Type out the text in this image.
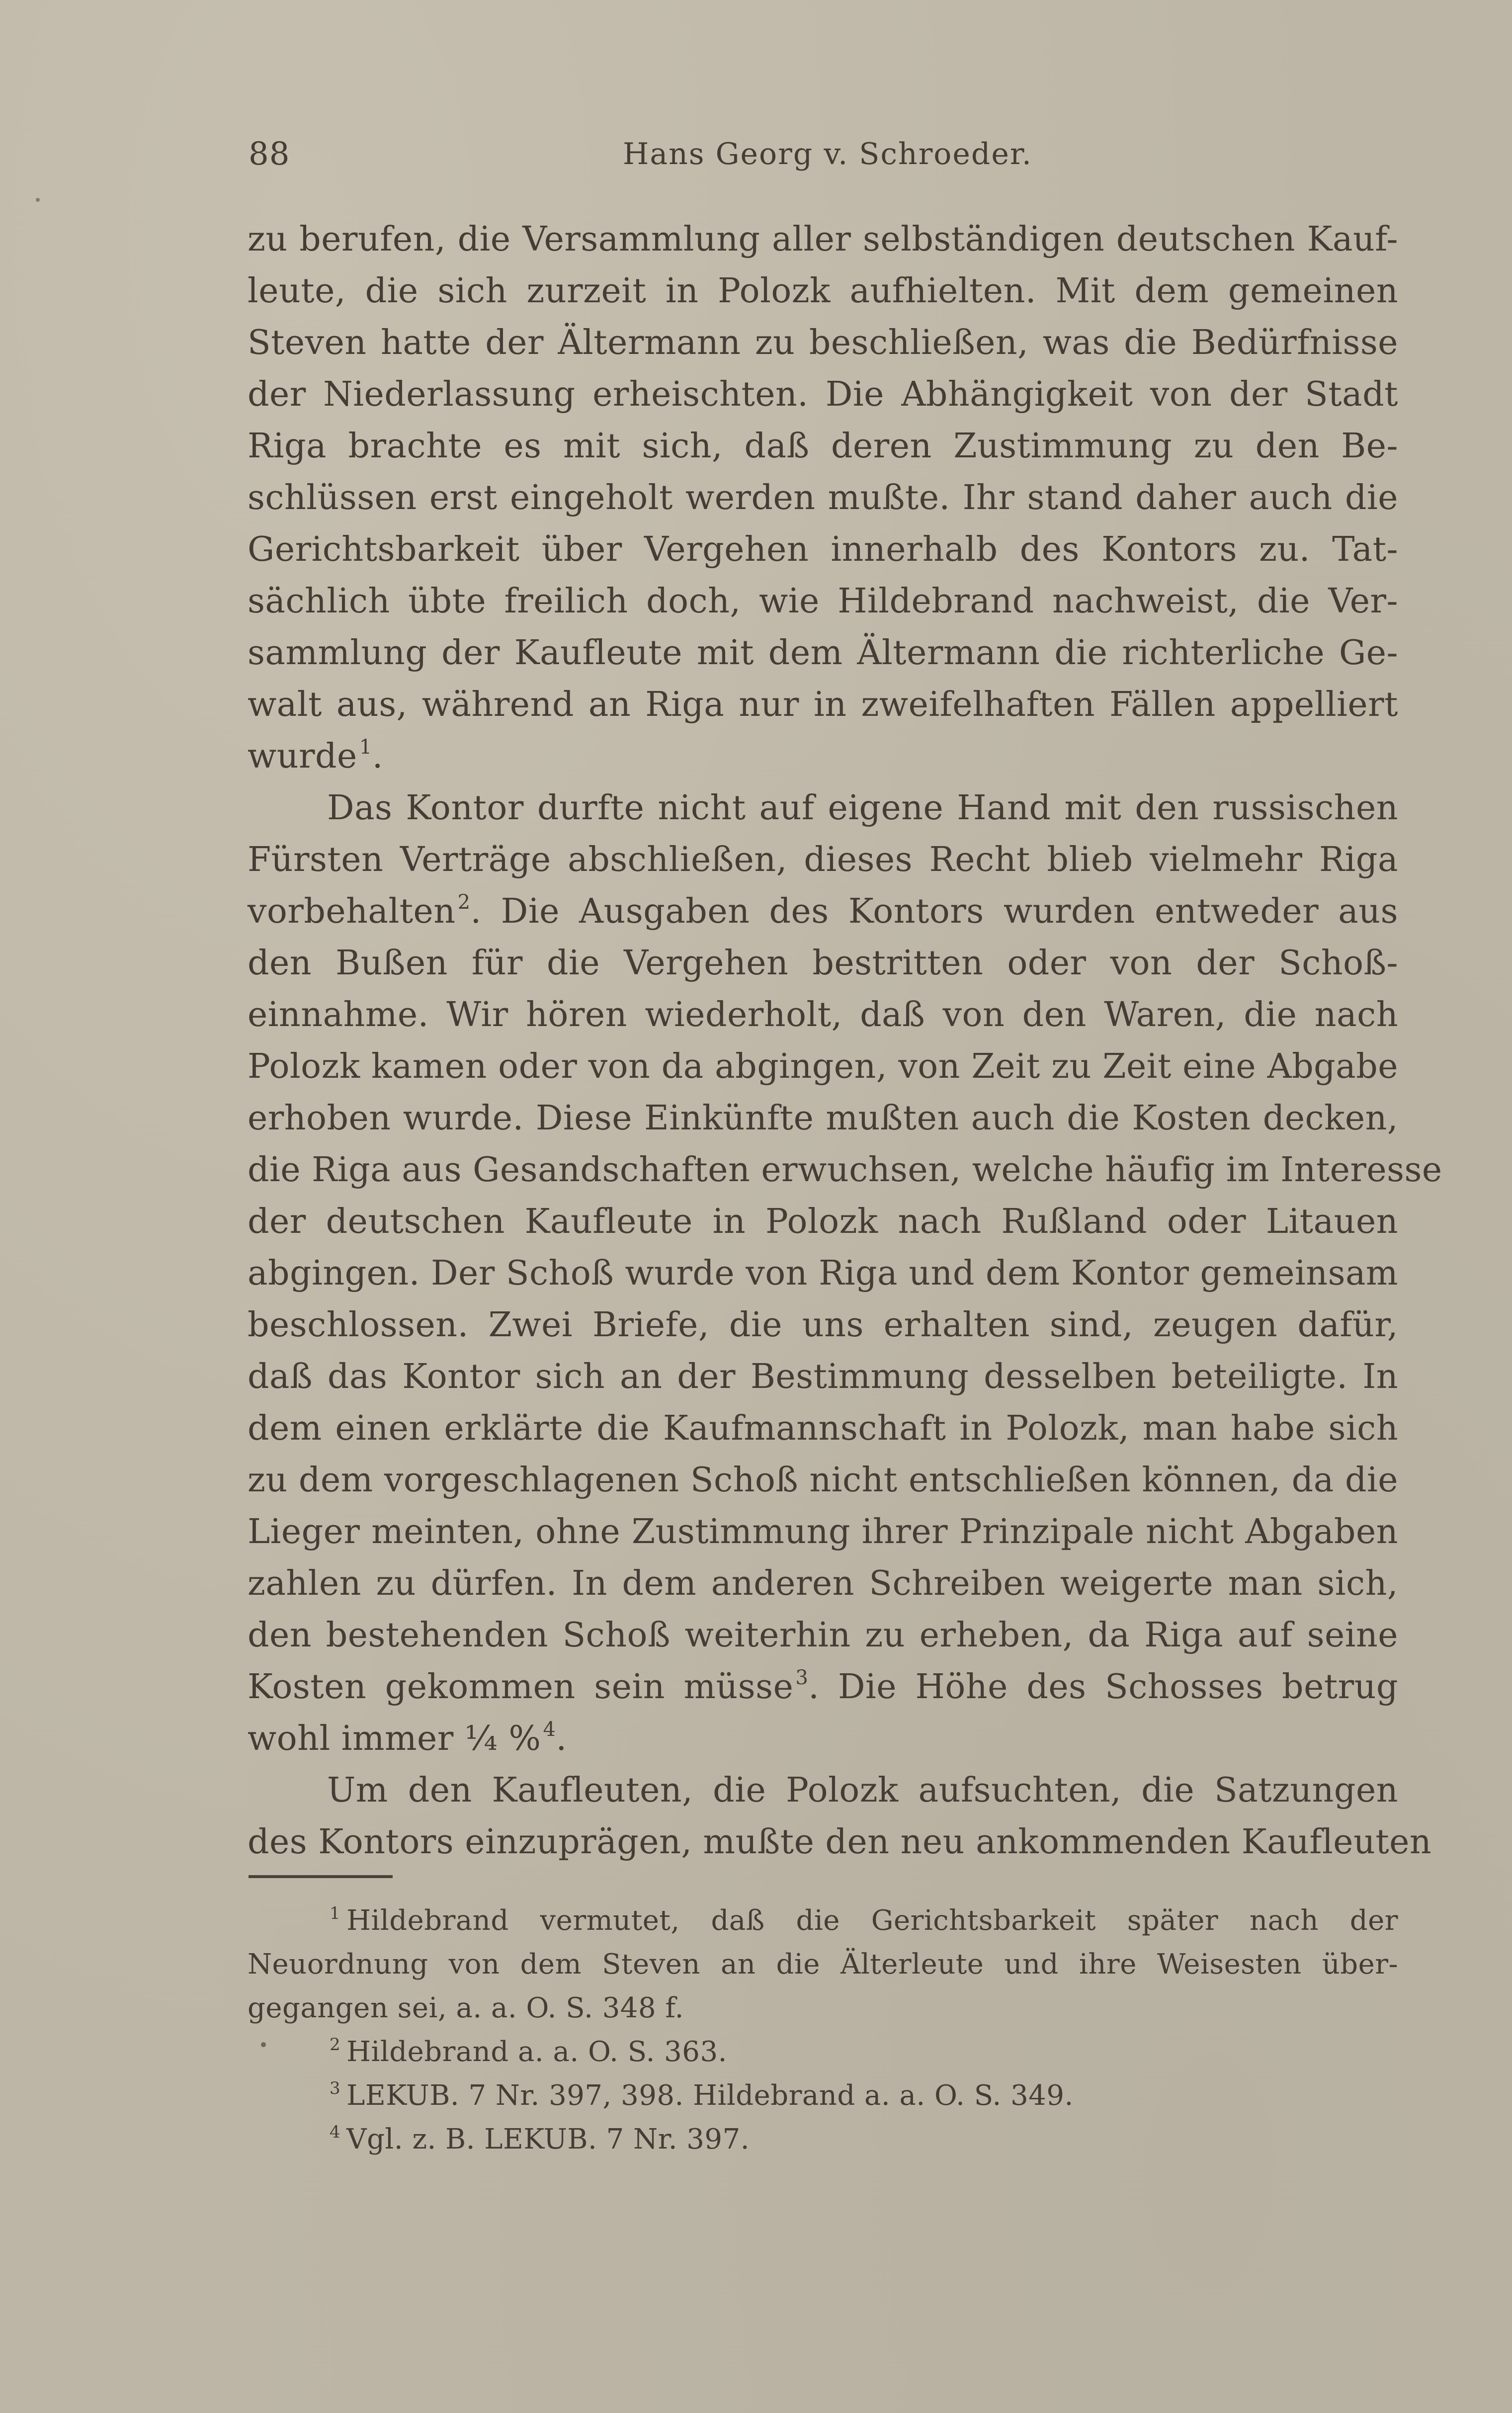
88	Hans Georg v. Schroeder.
zu berufen, die Versammlung aller selbständigen deutschen Kauf-
leute, die sich zurzeit in Polozk aufhielten. Mit dem gemeinen
Steven hatte der Ältermann zu beschließen, was die Bedürfnisse
der Niederlassung erheischten. Die Abhängigkeit von der Stadt
Riga brachte es mit sich, daß deren Zustimmung zu den Be-
schlüssen erst eingeholt werden mußte. Ihr stand daher auch die
Gerichtsbarkeit über Vergehen innerhalb des Kontors zu. Tat-
sächlich übte freilich doch, wie Hildebrand nachweist, die Ver-
sammlung der Kaufleute mit dem Ältermann die richterliche Ge-
walt aus, während an Riga nur in zweifelhaften Fällen appelliert
wurde $^1$.
Das Kontor durfte nicht auf eigene Hand mit den russischen
Fürsten Verträge abschließen, dieses Recht blieb vielmehr Riga
vorbehalten $^2$. Die Ausgaben des Kontors wurden entweder aus
den Bußen für die Vergehen bestritten oder von der Schoß-
einnahme. Wir hören wiederholt, daß von den Waren, die nach
Polozk kamen oder von da abgingen, von Zeit zu Zeit eine Abgabe
erhoben wurde. Diese Einkünfte mußten auch die Kosten decken,
die Riga aus Gesandschaften erwuchsen, welche häufig im Interesse
der deutschen Kaufleute in Polozk nach Rußland oder Litauen
abgingen. Der Schoß wurde von Riga und dem Kontor gemeinsam
beschlossen. Zwei Briefe, die uns erhalten sind, zeugen dafür,
daß das Kontor sich an der Bestimmung desselben beteiligte. In
dem einen erklärte die Kaufmannschaft in Polozk, man habe sich
zu dem vorgeschlagenen Schoß nicht entschließen können, da die
Lieger meinten, ohne Zustimmung ihrer Prinzipale nicht Abgaben
zahlen zu dürfen. In dem anderen Schreiben weigerte man sich,
den bestehenden Schoß weiterhin zu erheben, da Riga auf seine
Kosten gekommen sein müsse $^3$. Die Höhe des Schosses betrug
wohl immer ¼ % $^4$.
Um den Kaufleuten, die Polozk aufsuchten, die Satzungen
des Kontors einzuprägen, mußte den neu ankommenden Kaufleuten
$^1$ Hildebrand vermutet, daß die Gerichtsbarkeit später nach der
Neuordnung von dem Steven an die Älterleute und ihre Weisesten über-
gegangen sei, a. a. O. S. 348 f.
$^2$ Hildebrand a. a. O. S. 363.
$^3$ LEKUB. 7 Nr. 397, 398. Hildebrand a. a. O. S. 349.
$^4$ Vgl. z. B. LEKUB. 7 Nr. 397.
